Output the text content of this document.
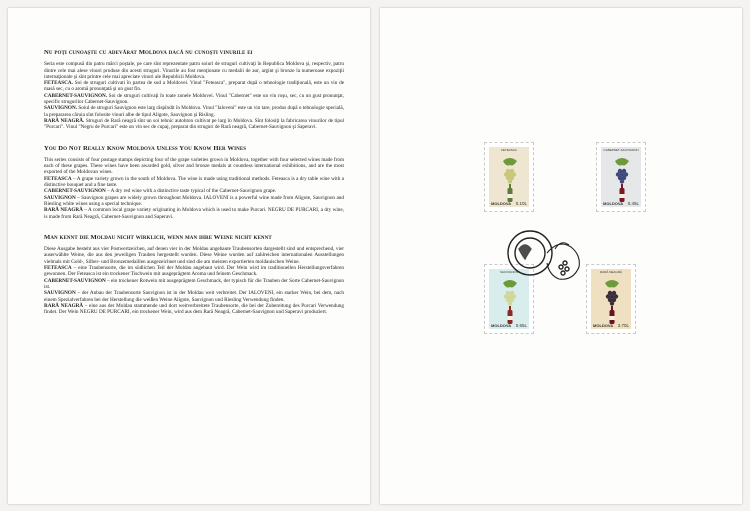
Nu poţi cunoaşte cu adevărat Moldova dacă nu cunoşti vinurile ei

Seria este compusă din patru mărci poştale, pe care sînt reprezentate patru soiuri de struguri cultivaţi în Republica Moldova şi, respectiv, patru dintre cele mai alese vinuri produse din acesti struguri. Vinurile au fost menţionate cu medalii de aur, argint şi bronze la numeroase expoziţii internaţionale şi sînt printre cele mai apreciate vinuri ale Republicii Moldova.

FETEASCA. Soi de struguri cultivati în partea de sud a Moldovei. Vinul "Feteasca", preparat după o tehnologie tradiţională, este un vin de masă sec, cu o aromă pronunţată şi un gust fin.

CABERNET-SAUVIGNON. Soi de struguri cultivaţi în toate zonele Moldovei. Vinul "Cabernet" este un vin roşu, sec, cu un gust pronunţat, specific strugurilor Cabernet-Sauvignon.

SAUVIGNON. Soiul de struguri Sauvignon este larg răspîndit în Moldova. Vinul "Ialoveni" este un vin tare, produs după o tehnologie specială, la prepararea căruia sînt folosite vinuri albe de tipul Aligote, Sauvignon şi Risling.

RARĂ NEAGRĂ. Struguri de Rară neagră sînt un soi tehnic autohton cultivat pe larg în Moldova. Sînt folosiţi la fabricarea vinurilor de tipul "Purcari". Vinul "Negru de Purcari" este un vin sec de cupaj, preparat din struguri de Rară neagră, Cabernet-Sauvignon şi Saperavi.

You Do Not Really Know Moldova Unless You Know Her Wines

This series consists of four postage stamps depicting four of the grape varieties grown in Moldova, together with four selected wines made from each of these grapes. These wines have been awarded gold, silver and bronze medals at countless international exhibitions, and are the most exported of the Moldovan wines.

FETEASCA – A grape variety grown in the south of Moldova. The wine is made using traditional methods. Feteasca is a dry table wine with a distinctive bouquet and a fine taste.

CABERNET-SAUVIGNON – A dry red wine with a distinctive taste typical of the Cabernet-Sauvignon grape.

SAUVIGNON – Sauvignon grapes are widely grown throughout Moldova. IALOVENI is a powerful wine made from Aligote, Sauvignon and Riesling white wines using a special technique.

RARĂ NEAGRĂ – A common local grape variety originating in Moldova which is used to make Purcari. NEGRU DE PURCARI, a dry wine, is made from Rară Neagră, Cabernet-Sauvignon and Saperavi.

Man kennt die Moldau nicht wirklich, wenn man ihre Weine nicht kennt

Diese Ausgabe besteht aus vier Postwertzeichen, auf denen vier in der Moldau angebaute Traubensorten dargestellt sind und entsprechend, vier auserwählte Weine, die aus den jeweiligen Trauben hergestellt wurden. Diese Weine wurden auf zahlreichen internationalen Ausstellungen vielmals mit Gold-, Silber- und Bronzemedaillen ausgezeichnet und sind die am meisten exportierten moldauischen Weine.

FETEASCA – eine Traubensorte, die im südlichen Teil der Moldau angebaut wird. Der Wein wird im traditionellen Herstellungsverfahren gewonnen. Der Feteasca ist ein trockener Tischwein mit ausgeprägtem Aroma und feinem Geschmack.

CABERNET-SAUVIGNON – ein trockener Rotwein mit ausgeprägtem Geschmack, der typisch für die Trauben der Sorte Cabernet-Sauvignon ist.

SAUVIGNON – der Anbau der Traubensorte Sauvignon ist in der Moldau weit verbreitet. Der IALOVENI, ein starker Wein, bei dem, nach einem Spezialverfahren bei der Herstellung die weißen Weine Aligote, Sauvignon und Riesling Verwendung finden.

RARĂ NEAGRĂ – eine aus der Moldau stammende und dort weitverbreitete Traubensorte, die bei der Zubereitung des Purcari Verwendung findet. Der Wein NEGRU DE PURCARI, ein trockener Wein, wird aus dem Rară Neagră, Cabernet-Sauvignon und Saperavi produziert.

FETEASCA
MOLDOVA 0.10L
CABERNET-SAUVIGNON
MOLDOVA 0.45L
SAUVIGNON
MOLDOVA 0.65L
RARĂ NEAGRĂ
MOLDOVA 3.70L
